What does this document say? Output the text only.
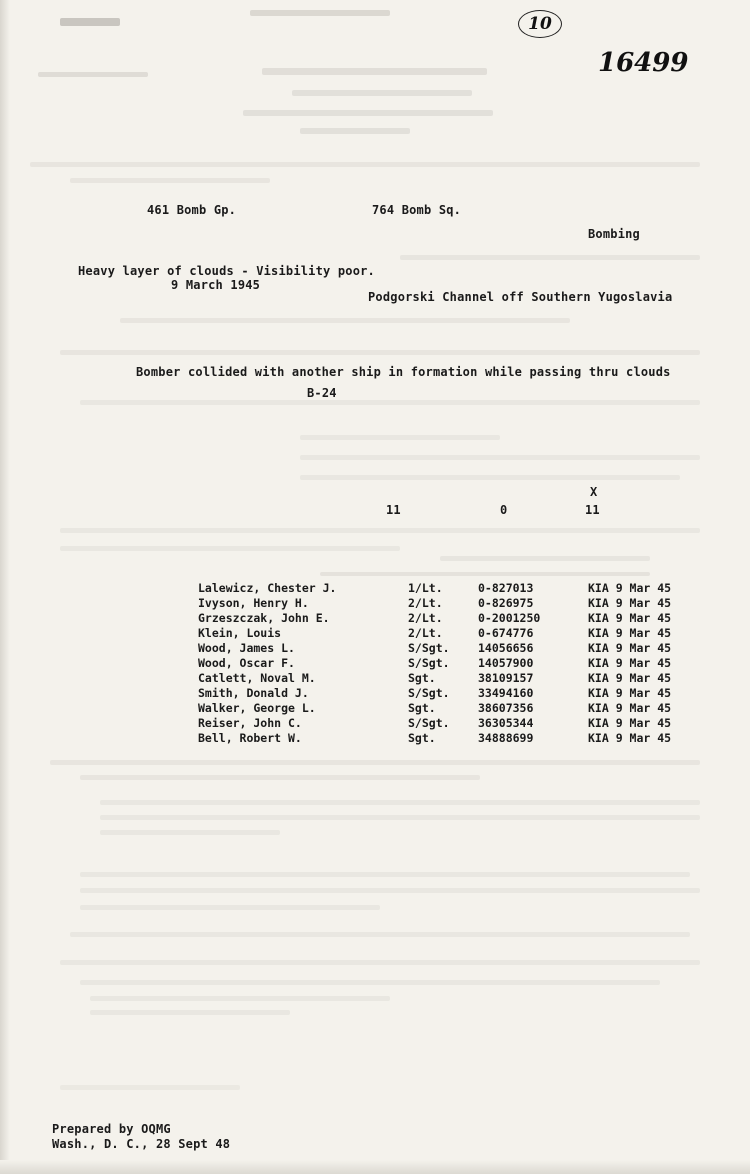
10
16499
461 Bomb Gp.	764 Bomb Sq.
Bombing
Heavy layer of clouds - Visibility poor.
9 March 1945
Podgorski Channel off Southern Yugoslavia
Bomber collided with another ship in formation while passing thru clouds
B-24
X
11	0	11
Lalewicz, Chester J.	1/Lt.	0-827013	KIA 9 Mar 45
Ivyson, Henry H.	2/Lt.	0-826975	KIA 9 Mar 45
Grzeszczak, John E.	2/Lt.	0-2001250	KIA 9 Mar 45
Klein, Louis	2/Lt.	0-674776	KIA 9 Mar 45
Wood, James L.	S/Sgt.	14056656	KIA 9 Mar 45
Wood, Oscar F.	S/Sgt.	14057900	KIA 9 Mar 45
Catlett, Noval M.	Sgt.	38109157	KIA 9 Mar 45
Smith, Donald J.	S/Sgt.	33494160	KIA 9 Mar 45
Walker, George L.	Sgt.	38607356	KIA 9 Mar 45
Reiser, John C.	S/Sgt.	36305344	KIA 9 Mar 45
Bell, Robert W.	Sgt.	34888699	KIA 9 Mar 45
Prepared by OQMG
Wash., D. C., 28 Sept 48
